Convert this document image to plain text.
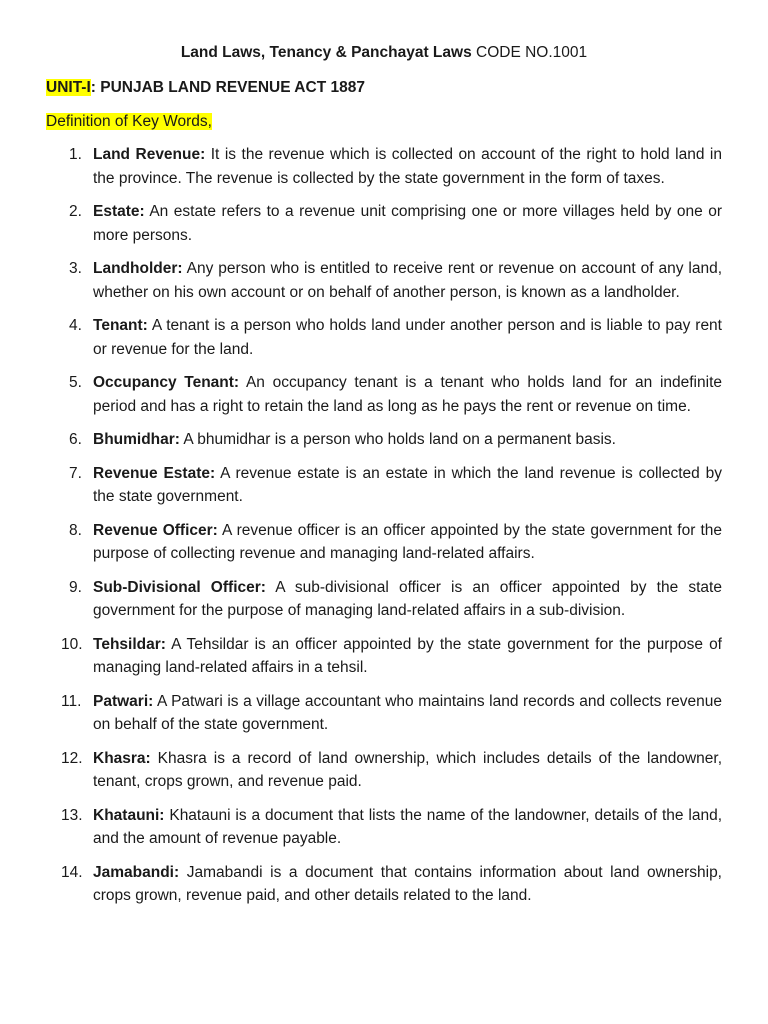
Land Laws, Tenancy & Panchayat Laws CODE NO.1001
UNIT-I: PUNJAB LAND REVENUE ACT 1887
Definition of Key Words,
1. Land Revenue: It is the revenue which is collected on account of the right to hold land in the province. The revenue is collected by the state government in the form of taxes.
2. Estate: An estate refers to a revenue unit comprising one or more villages held by one or more persons.
3. Landholder: Any person who is entitled to receive rent or revenue on account of any land, whether on his own account or on behalf of another person, is known as a landholder.
4. Tenant: A tenant is a person who holds land under another person and is liable to pay rent or revenue for the land.
5. Occupancy Tenant: An occupancy tenant is a tenant who holds land for an indefinite period and has a right to retain the land as long as he pays the rent or revenue on time.
6. Bhumidhar: A bhumidhar is a person who holds land on a permanent basis.
7. Revenue Estate: A revenue estate is an estate in which the land revenue is collected by the state government.
8. Revenue Officer: A revenue officer is an officer appointed by the state government for the purpose of collecting revenue and managing land-related affairs.
9. Sub-Divisional Officer: A sub-divisional officer is an officer appointed by the state government for the purpose of managing land-related affairs in a sub-division.
10. Tehsildar: A Tehsildar is an officer appointed by the state government for the purpose of managing land-related affairs in a tehsil.
11. Patwari: A Patwari is a village accountant who maintains land records and collects revenue on behalf of the state government.
12. Khasra: Khasra is a record of land ownership, which includes details of the landowner, tenant, crops grown, and revenue paid.
13. Khatauni: Khatauni is a document that lists the name of the landowner, details of the land, and the amount of revenue payable.
14. Jamabandi: Jamabandi is a document that contains information about land ownership, crops grown, revenue paid, and other details related to the land.
